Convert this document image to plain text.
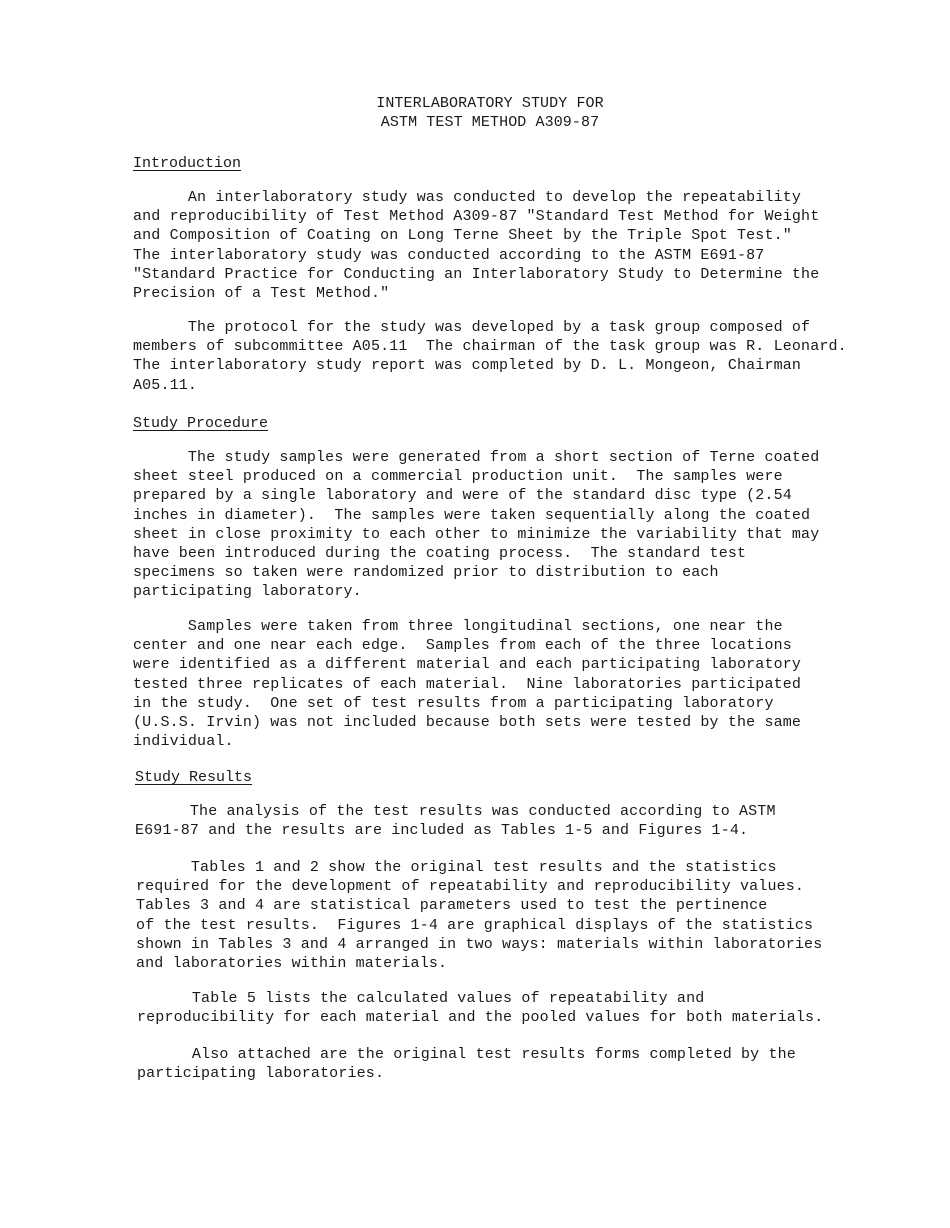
INTERLABORATORY STUDY FOR
ASTM TEST METHOD A309-87
Introduction
An interlaboratory study was conducted to develop the repeatability
and reproducibility of Test Method A309-87 "Standard Test Method for Weight
and Composition of Coating on Long Terne Sheet by the Triple Spot Test."
The interlaboratory study was conducted according to the ASTM E691-87
"Standard Practice for Conducting an Interlaboratory Study to Determine the
Precision of a Test Method."
The protocol for the study was developed by a task group composed of
members of subcommittee A05.11  The chairman of the task group was R. Leonard.
The interlaboratory study report was completed by D. L. Mongeon, Chairman
A05.11.
Study Procedure
The study samples were generated from a short section of Terne coated
sheet steel produced on a commercial production unit.  The samples were
prepared by a single laboratory and were of the standard disc type (2.54
inches in diameter).  The samples were taken sequentially along the coated
sheet in close proximity to each other to minimize the variability that may
have been introduced during the coating process.  The standard test
specimens so taken were randomized prior to distribution to each
participating laboratory.
Samples were taken from three longitudinal sections, one near the
center and one near each edge.  Samples from each of the three locations
were identified as a different material and each participating laboratory
tested three replicates of each material.  Nine laboratories participated
in the study.  One set of test results from a participating laboratory
(U.S.S. Irvin) was not included because both sets were tested by the same
individual.
Study Results
The analysis of the test results was conducted according to ASTM
E691-87 and the results are included as Tables 1-5 and Figures 1-4.
Tables 1 and 2 show the original test results and the statistics
required for the development of repeatability and reproducibility values.
Tables 3 and 4 are statistical parameters used to test the pertinence
of the test results.  Figures 1-4 are graphical displays of the statistics
shown in Tables 3 and 4 arranged in two ways: materials within laboratories
and laboratories within materials.
Table 5 lists the calculated values of repeatability and
reproducibility for each material and the pooled values for both materials.
Also attached are the original test results forms completed by the
participating laboratories.
